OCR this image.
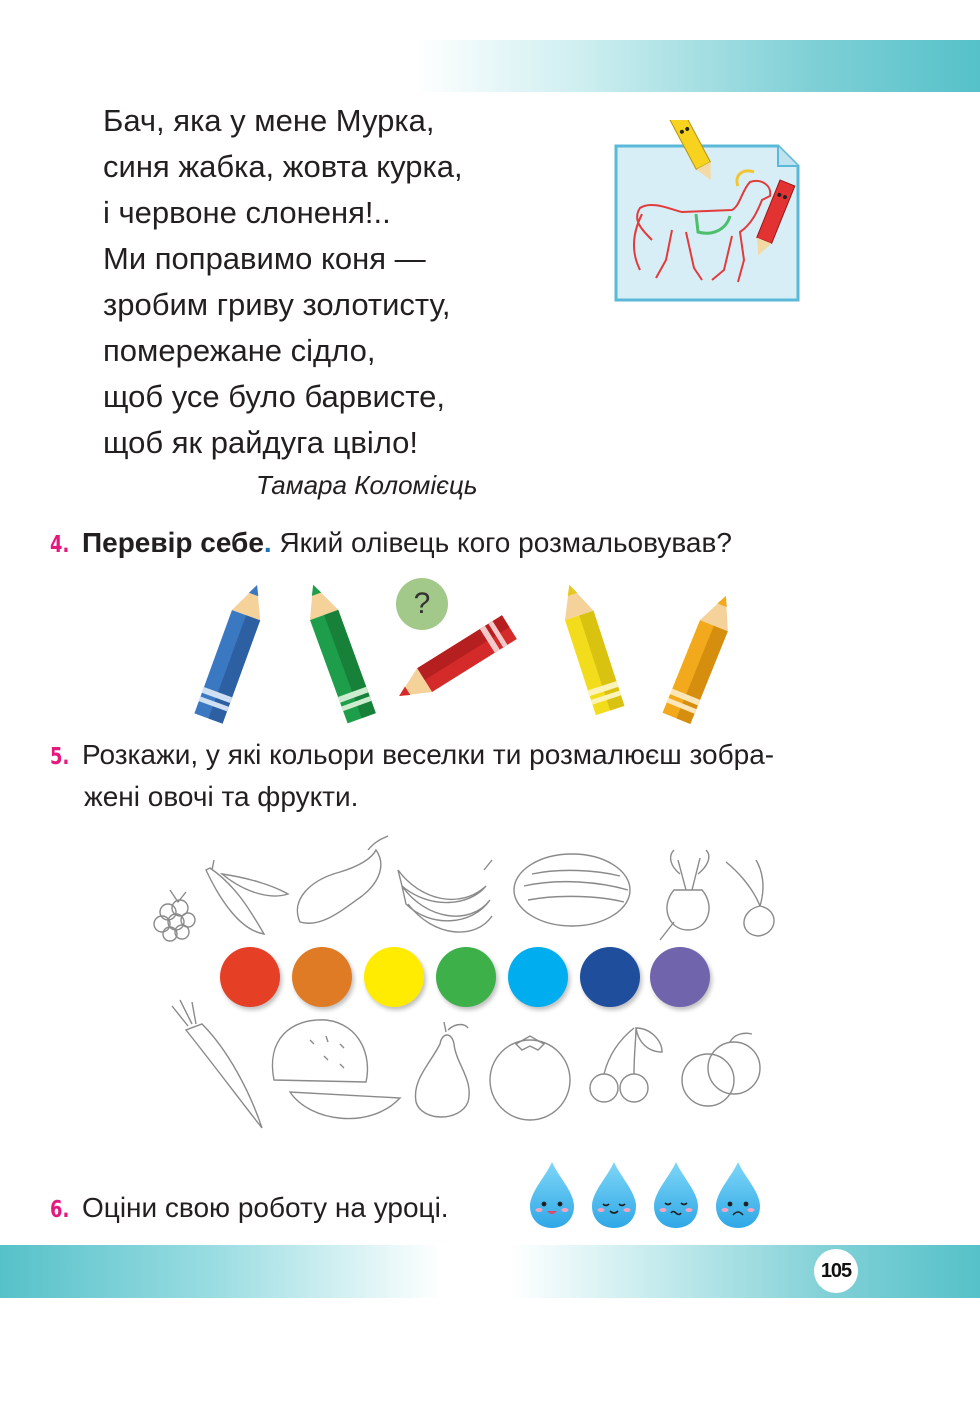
Бач, яка у мене Мурка,
синя жабка, жовта курка,
і червоне слоненя!..
Ми поправимо коня —
зробим гриву золотисту,
помережане сідло,
щоб усе було барвисте,
щоб як райдуга цвіло!
Тамара Коломієць
4. Перевір себе. Який олівець кого розмальовував?
?
5. Розкажи, у які кольори веселки ти розмалюєш зобра-
жені овочі та фрукти.
6. Оціни свою роботу на уроці.
105
